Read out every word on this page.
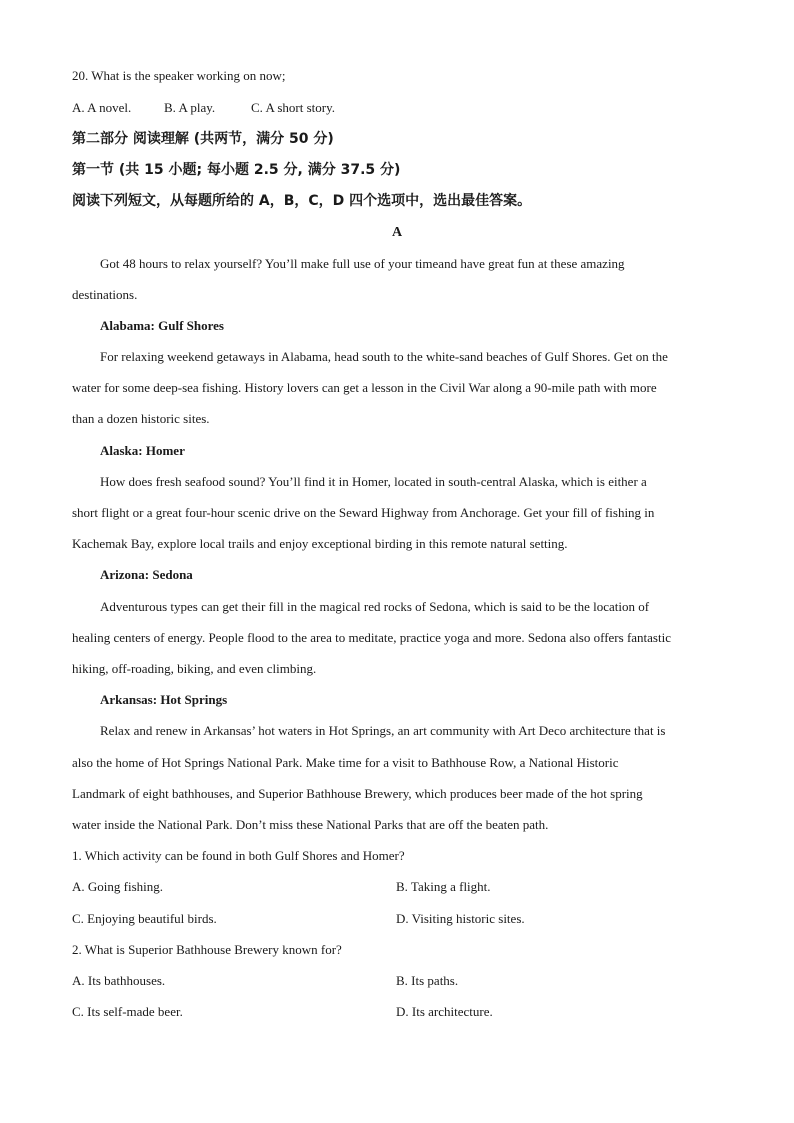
20. What is the speaker working on now;
A. A novel.	B. A play.	C. A short story.
第二部分 阅读理解 (共两节，满分 50 分)
第一节 (共 15 小题; 每小题 2.5 分, 满分 37.5 分)
阅读下列短文，从每题所给的 A，B，C，D 四个选项中，选出最佳答案。
A
Got 48 hours to relax yourself? You’ll make full use of your timeand have great fun at these amazing
destinations.
Alabama: Gulf Shores
For relaxing weekend getaways in Alabama, head south to the white-sand beaches of Gulf Shores. Get on the
water for some deep-sea fishing. History lovers can get a lesson in the Civil War along a 90-mile path with more
than a dozen historic sites.
Alaska: Homer
How does fresh seafood sound? You’ll find it in Homer, located in south-central Alaska, which is either a
short flight or a great four-hour scenic drive on the Seward Highway from Anchorage. Get your fill of fishing in
Kachemak Bay, explore local trails and enjoy exceptional birding in this remote natural setting.
Arizona: Sedona
Adventurous types can get their fill in the magical red rocks of Sedona, which is said to be the location of
healing centers of energy. People flood to the area to meditate, practice yoga and more. Sedona also offers fantastic
hiking, off-roading, biking, and even climbing.
Arkansas: Hot Springs
Relax and renew in Arkansas’ hot waters in Hot Springs, an art community with Art Deco architecture that is
also the home of Hot Springs National Park. Make time for a visit to Bathhouse Row, a National Historic
Landmark of eight bathhouses, and Superior Bathhouse Brewery, which produces beer made of the hot spring
water inside the National Park. Don’t miss these National Parks that are off the beaten path.
1. Which activity can be found in both Gulf Shores and Homer?
A. Going fishing.	B. Taking a flight.
C. Enjoying beautiful birds.	D. Visiting historic sites.
2. What is Superior Bathhouse Brewery known for?
A. Its bathhouses.	B. Its paths.
C. Its self-made beer.	D. Its architecture.
